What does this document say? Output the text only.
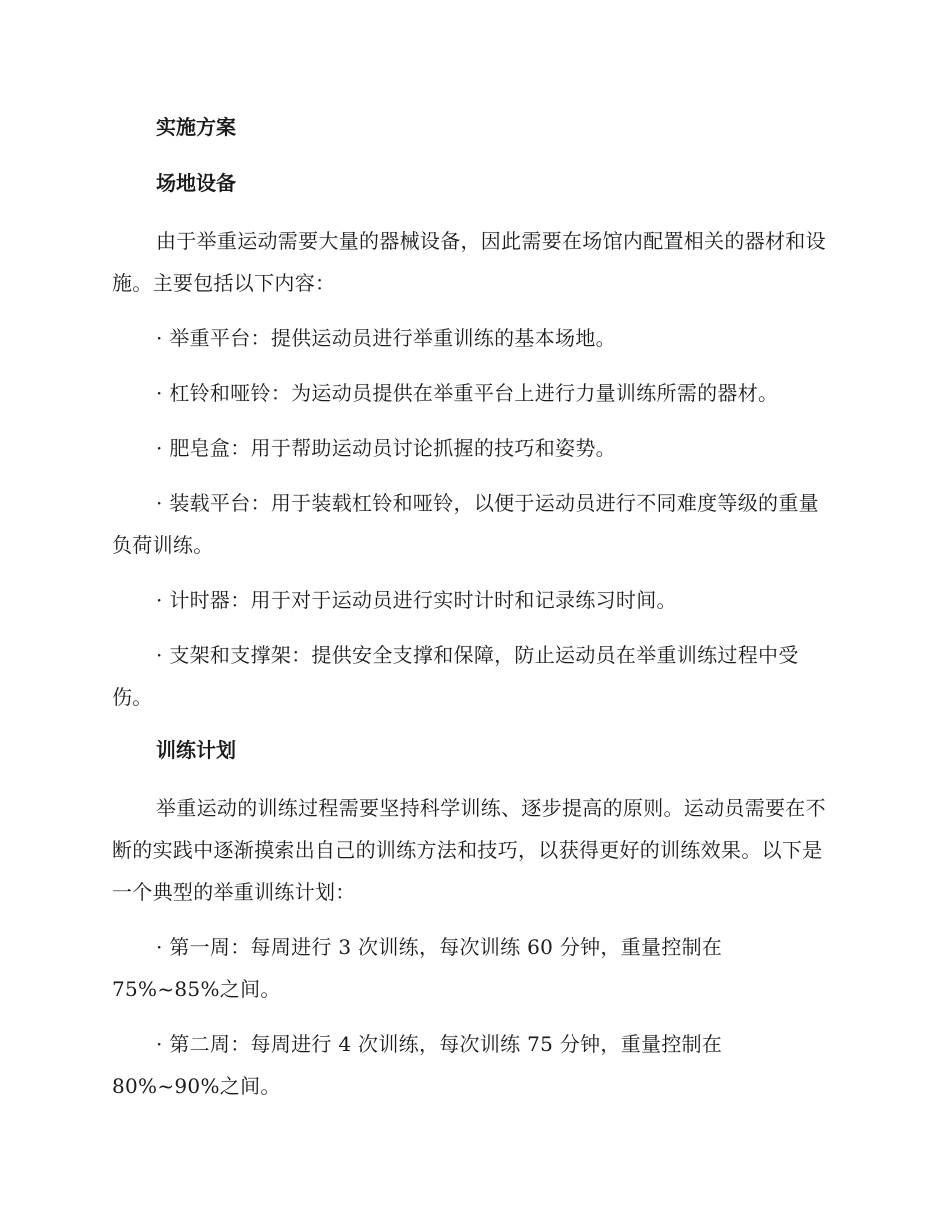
实施方案
场地设备

由于举重运动需要大量的器械设备，因此需要在场馆内配置相关的器材和设施。主要包括以下内容：

· 举重平台：提供运动员进行举重训练的基本场地。

· 杠铃和哑铃：为运动员提供在举重平台上进行力量训练所需的器材。

· 肥皂盒：用于帮助运动员讨论抓握的技巧和姿势。

· 装载平台：用于装载杠铃和哑铃，以便于运动员进行不同难度等级的重量负荷训练。

· 计时器：用于对于运动员进行实时计时和记录练习时间。

· 支架和支撑架：提供安全支撑和保障，防止运动员在举重训练过程中受伤。

训练计划

举重运动的训练过程需要坚持科学训练、逐步提高的原则。运动员需要在不断的实践中逐渐摸索出自己的训练方法和技巧，以获得更好的训练效果。以下是一个典型的举重训练计划：

· 第一周：每周进行 3 次训练，每次训练 60 分钟，重量控制在 75%~85%之间。

· 第二周：每周进行 4 次训练，每次训练 75 分钟，重量控制在 80%~90%之间。
